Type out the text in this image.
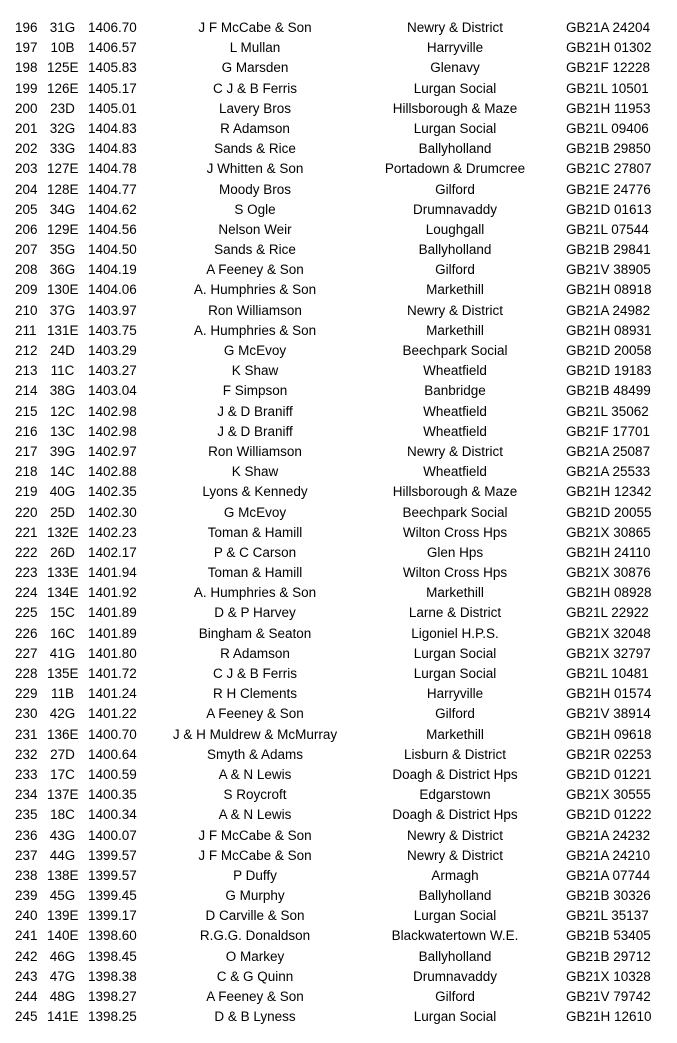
196 31G 1406.70	J F McCabe & Son	Newry & District	GB21A 24204
197 10B 1406.57	L Mullan	Harryville	GB21H 01302
198 125E 1405.83	G Marsden	Glenavy	GB21F 12228
199 126E 1405.17	C J & B Ferris	Lurgan Social	GB21L 10501
200 23D 1405.01	Lavery Bros	Hillsborough & Maze	GB21H 11953
201 32G 1404.83	R Adamson	Lurgan Social	GB21L 09406
202 33G 1404.83	Sands & Rice	Ballyholland	GB21B 29850
203 127E 1404.78	J Whitten & Son	Portadown & Drumcree	GB21C 27807
204 128E 1404.77	Moody Bros	Gilford	GB21E 24776
205 34G 1404.62	S Ogle	Drumnavaddy	GB21D 01613
206 129E 1404.56	Nelson Weir	Loughgall	GB21L 07544
207 35G 1404.50	Sands & Rice	Ballyholland	GB21B 29841
208 36G 1404.19	A Feeney & Son	Gilford	GB21V 38905
209 130E 1404.06	A. Humphries & Son	Markethill	GB21H 08918
210 37G 1403.97	Ron Williamson	Newry & District	GB21A 24982
211 131E 1403.75	A. Humphries & Son	Markethill	GB21H 08931
212 24D 1403.29	G McEvoy	Beechpark Social	GB21D 20058
213 11C 1403.27	K Shaw	Wheatfield	GB21D 19183
214 38G 1403.04	F Simpson	Banbridge	GB21B 48499
215 12C 1402.98	J & D Braniff	Wheatfield	GB21L 35062
216 13C 1402.98	J & D Braniff	Wheatfield	GB21F 17701
217 39G 1402.97	Ron Williamson	Newry & District	GB21A 25087
218 14C 1402.88	K Shaw	Wheatfield	GB21A 25533
219 40G 1402.35	Lyons & Kennedy	Hillsborough & Maze	GB21H 12342
220 25D 1402.30	G McEvoy	Beechpark Social	GB21D 20055
221 132E 1402.23	Toman & Hamill	Wilton Cross Hps	GB21X 30865
222 26D 1402.17	P & C Carson	Glen Hps	GB21H 24110
223 133E 1401.94	Toman & Hamill	Wilton Cross Hps	GB21X 30876
224 134E 1401.92	A. Humphries & Son	Markethill	GB21H 08928
225 15C 1401.89	D & P Harvey	Larne & District	GB21L 22922
226 16C 1401.89	Bingham & Seaton	Ligoniel H.P.S.	GB21X 32048
227 41G 1401.80	R Adamson	Lurgan Social	GB21X 32797
228 135E 1401.72	C J & B Ferris	Lurgan Social	GB21L 10481
229 11B 1401.24	R H Clements	Harryville	GB21H 01574
230 42G 1401.22	A Feeney & Son	Gilford	GB21V 38914
231 136E 1400.70	J & H Muldrew & McMurray	Markethill	GB21H 09618
232 27D 1400.64	Smyth & Adams	Lisburn & District	GB21R 02253
233 17C 1400.59	A & N Lewis	Doagh & District Hps	GB21D 01221
234 137E 1400.35	S Roycroft	Edgarstown	GB21X 30555
235 18C 1400.34	A & N Lewis	Doagh & District Hps	GB21D 01222
236 43G 1400.07	J F McCabe & Son	Newry & District	GB21A 24232
237 44G 1399.57	J F McCabe & Son	Newry & District	GB21A 24210
238 138E 1399.57	P Duffy	Armagh	GB21A 07744
239 45G 1399.45	G Murphy	Ballyholland	GB21B 30326
240 139E 1399.17	D Carville & Son	Lurgan Social	GB21L 35137
241 140E 1398.60	R.G.G. Donaldson	Blackwatertown W.E.	GB21B 53405
242 46G 1398.45	O Markey	Ballyholland	GB21B 29712
243 47G 1398.38	C & G Quinn	Drumnavaddy	GB21X 10328
244 48G 1398.27	A Feeney & Son	Gilford	GB21V 79742
245 141E 1398.25	D & B Lyness	Lurgan Social	GB21H 12610
